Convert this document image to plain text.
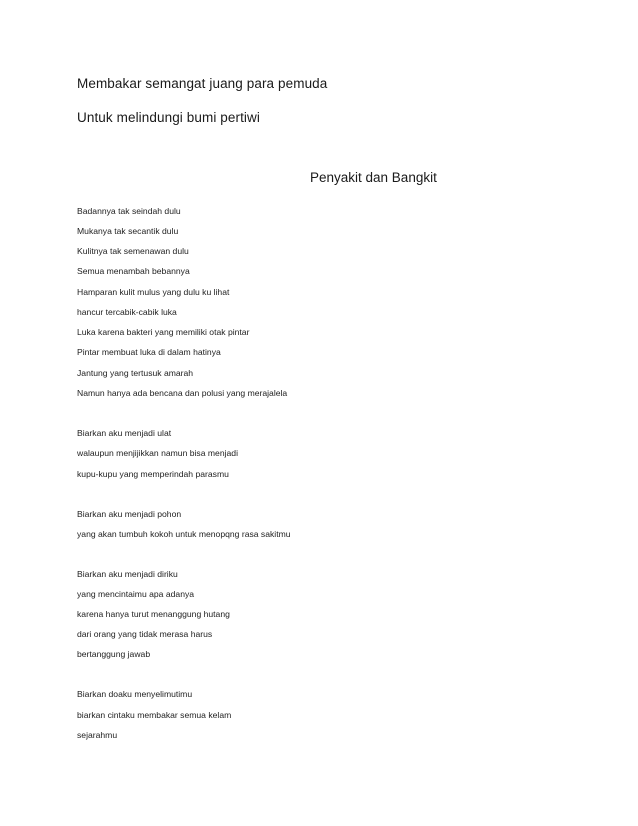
Membakar semangat juang para pemuda
Untuk melindungi bumi pertiwi
Penyakit dan Bangkit
Badannya tak seindah dulu
Mukanya tak secantik dulu
Kulitnya tak semenawan dulu
Semua menambah bebannya
Hamparan kulit mulus yang dulu ku lihat
hancur tercabik-cabik luka
Luka karena bakteri yang memiliki otak pintar
Pintar membuat luka di dalam hatinya
Jantung yang tertusuk amarah
Namun hanya ada bencana dan polusi yang merajalela
Biarkan aku menjadi ulat
walaupun menjijikkan namun bisa menjadi
kupu-kupu yang memperindah parasmu
Biarkan aku menjadi pohon
yang akan tumbuh kokoh untuk menopqng rasa sakitmu
Biarkan aku menjadi diriku
yang mencintaimu apa adanya
karena hanya turut menanggung hutang
dari orang yang tidak merasa harus
bertanggung jawab
Biarkan doaku menyelimutimu
biarkan cintaku membakar semua kelam
sejarahmu
